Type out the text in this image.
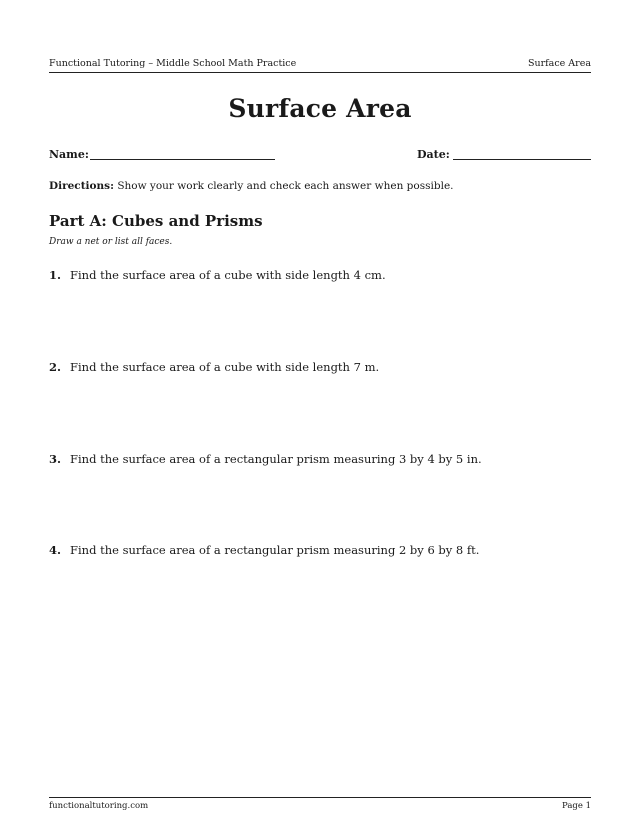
Functional Tutoring – Middle School Math Practice	Surface Area
Surface Area
Name:	Date:
Directions: Show your work clearly and check each answer when possible.
Part A: Cubes and Prisms
Draw a net or list all faces.
1. Find the surface area of a cube with side length 4 cm.
2. Find the surface area of a cube with side length 7 m.
3. Find the surface area of a rectangular prism measuring 3 by 4 by 5 in.
4. Find the surface area of a rectangular prism measuring 2 by 6 by 8 ft.
functionaltutoring.com	Page 1
